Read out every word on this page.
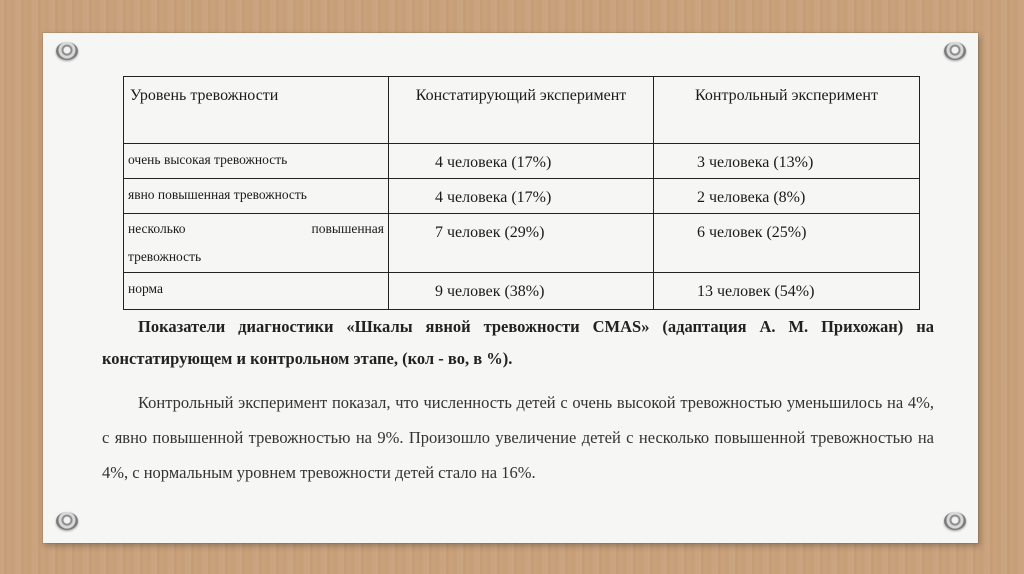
Уровень тревожности	Констатирующий эксперимент	Контрольный эксперимент

очень высокая тревожность	4 человека (17%)	3 человека (13%)

явно повышенная тревожность	4 человека (17%)	2 человека (8%)

несколько повышенная
тревожность	7 человек (29%)	6 человек (25%)

норма	9 человек (38%)	13 человек (54%)
Показатели диагностики «Шкалы явной тревожности CMAS» (адаптация А. М. Прихожан) на констатирующем и контрольном этапе, (кол - во, в %).
Контрольный эксперимент показал, что численность детей с очень высокой тревожностью уменьшилось на 4%, с явно повышенной тревожностью на 9%. Произошло увеличение детей с несколько повышенной тревожностью на 4%, с нормальным уровнем тревожности детей стало на 16%.
